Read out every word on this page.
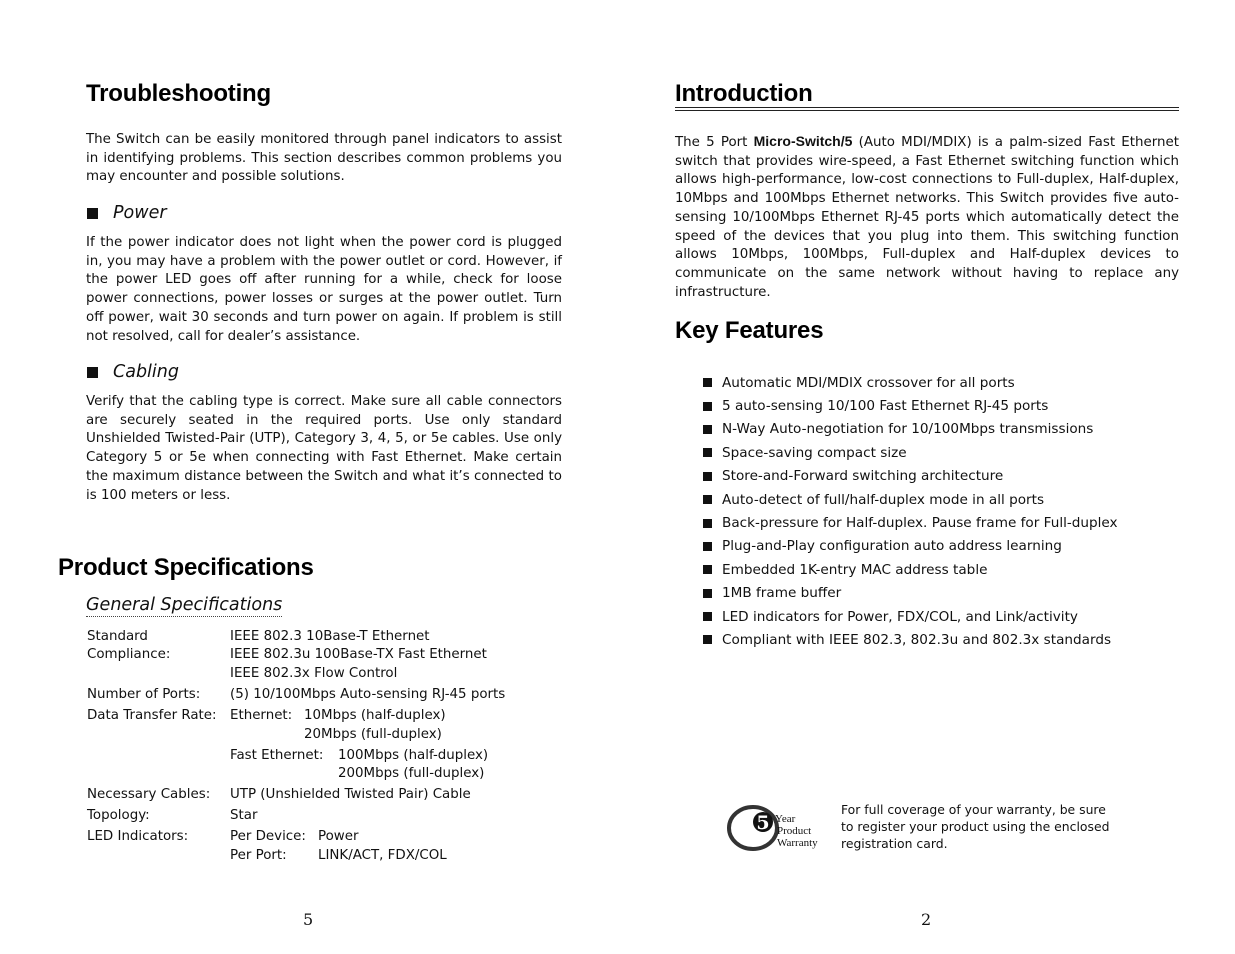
Troubleshooting

The Switch can be easily monitored through panel indicators to assist in identifying problems. This section describes common problems you may encounter and possible solutions.

Power

If the power indicator does not light when the power cord is plugged in, you may have a problem with the power outlet or cord. However, if the power LED goes off after running for a while, check for loose power connections, power losses or surges at the power outlet. Turn off power, wait 30 seconds and turn power on again. If problem is still not resolved, call for dealer’s assistance.

Cabling

Verify that the cabling type is correct. Make sure all cable connectors are securely seated in the required ports. Use only standard Unshielded Twisted-Pair (UTP), Category 3, 4, 5, or 5e cables. Use only Category 5 or 5e when connecting with Fast Ethernet. Make certain the maximum distance between the Switch and what it’s connected to is 100 meters or less.

Product Specifications
General Specifications
Standard
Compliance:
IEEE 802.3 10Base-T Ethernet
IEEE 802.3u 100Base-TX Fast Ethernet
IEEE 802.3x Flow Control
Number of Ports: (5) 10/100Mbps Auto-sensing RJ-45 ports
Data Transfer Rate: Ethernet: 10Mbps (half-duplex)
20Mbps (full-duplex)
Fast Ethernet: 100Mbps (half-duplex)
200Mbps (full-duplex)
Necessary Cables: UTP (Unshielded Twisted Pair) Cable
Topology:	Star
LED Indicators:	Per Device: Power
Per Port: LINK/ACT, FDX/COL
5
Introduction

The 5 Port Micro-Switch/5 (Auto MDI/MDIX) is a palm-sized Fast Ethernet switch that provides wire-speed, a Fast Ethernet switching function which allows high-performance, low-cost connections to Full-duplex, Half-duplex, 10Mbps and 100Mbps Ethernet networks. This Switch provides five auto-sensing 10/100Mbps Ethernet RJ-45 ports which automatically detect the speed of the devices that you plug into them. This switching function allows 10Mbps, 100Mbps, Full-duplex and Half-duplex devices to communicate on the same network without having to replace any infrastructure.

Key Features
Automatic MDI/MDIX crossover for all ports
5 auto-sensing 10/100 Fast Ethernet RJ-45 ports
N-Way Auto-negotiation for 10/100Mbps transmissions
Space-saving compact size
Store-and-Forward switching architecture
Auto-detect of full/half-duplex mode in all ports
Back-pressure for Half-duplex. Pause frame for Full-duplex
Plug-and-Play configuration auto address learning
Embedded 1K-entry MAC address table
1MB frame buffer
LED indicators for Power, FDX/COL, and Link/activity
Compliant with IEEE 802.3, 802.3u and 802.3x standards
5 Year
Product
Warranty

For full coverage of your warranty, be sure to register your product using the enclosed registration card.

2
